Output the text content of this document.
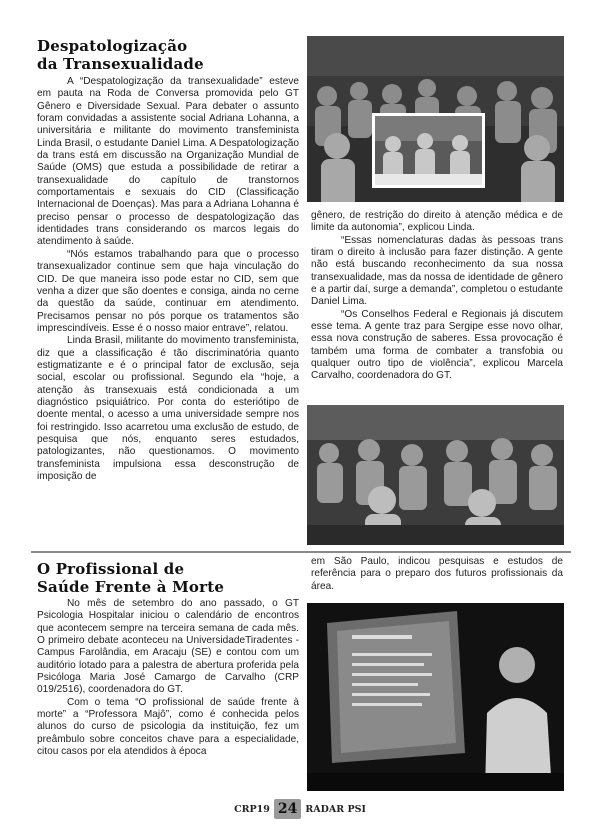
Despatologização
da Transexualidade

A “Despatologização da transexualidade” esteve em pauta na Roda de Conversa promovida pelo GT Gênero e Diversidade Sexual. Para debater o assunto foram convidadas a assistente social Adriana Lohanna, a universitária e militante do movimento transfeminista Linda Brasil, o estudante Daniel Lima. A Despatologização da trans está em discussão na Organização Mundial de Saúde (OMS) que estuda a possibilidade de retirar a transexualidade do capítulo de transtornos comportamentais e sexuais do CID (Classificação Internacional de Doenças). Mas para a Adriana Lohanna é preciso pensar o processo de despatologização das identidades trans considerando os marcos legais do atendimento à saúde.

“Nós estamos trabalhando para que o processo transexualizador continue sem que haja vinculação do CID. De que maneira isso pode estar no CID, sem que venha a dizer que são doentes e consiga, ainda no cerne da questão da saúde, continuar em atendimento. Precisamos pensar no pós porque os tratamentos são imprescindíveis. Esse é o nosso maior entrave”, relatou.

Linda Brasil, militante do movimento transfeminista, diz que a classificação é tão discriminatória quanto estigmatizante e é o principal fator de exclusão, seja social, escolar ou profissional. Segundo ela “hoje, a atenção às transexuais está condicionada a um diagnóstico psiquiátrico. Por conta do esteriótipo de doente mental, o acesso a uma universidade sempre nos foi restringido. Isso acarretou uma exclusão de estudo, de pesquisa que nós, enquanto seres estudados, patologizantes, não questionamos. O movimento transfeminista impulsiona essa desconstrução de imposição de

gênero, de restrição do direito à atenção médica e de limite da autonomia”, explicou Linda.

“Essas nomenclaturas dadas às pessoas trans tiram o direito à inclusão para fazer distinção. A gente não está buscando reconhecimento da sua nossa transexualidade, mas da nossa de identidade de gênero e a partir daí, surge a demanda”, completou o estudante Daniel Lima.

“Os Conselhos Federal e Regionais já discutem esse tema. A gente traz para Sergipe esse novo olhar, essa nova construção de saberes. Essa provocação é também uma forma de combater a transfobia ou qualquer outro tipo de violência”, explicou Marcela Carvalho, coordenadora do GT.

O Profissional de
Saúde Frente à Morte

No mês de setembro do ano passado, o GT Psicologia Hospitalar iniciou o calendário de encontros que acontecem sempre na terceira semana de cada mês. O primeiro debate aconteceu na UniversidadeTiradentes - Campus Farolândia, em Aracaju (SE) e contou com um auditório lotado para a palestra de abertura proferida pela Psicóloga Maria José Camargo de Carvalho (CRP 019/2516), coordenadora do GT.

Com o tema “O profissional de saúde frente à morte” a “Professora Majô”, como é conhecida pelos alunos do curso de psicologia da instituição, fez um preâmbulo sobre conceitos chave para a especialidade, citou casos por ela atendidos à época

em São Paulo, indicou pesquisas e estudos de referência para o preparo dos futuros profissionais da área.

CRP19 24 RADAR PSI
